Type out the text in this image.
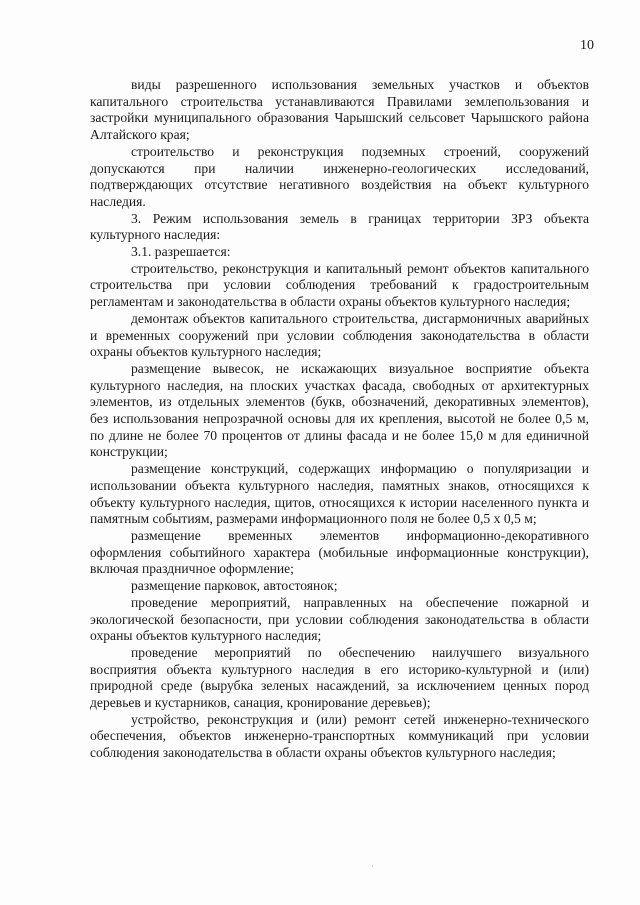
10

виды разрешенного использования земельных участков и объектов капитального строительства устанавливаются Правилами землепользования и застройки муниципального образования Чарышский сельсовет Чарышского района Алтайского края;

строительство и реконструкция подземных строений, сооружений допускаются при наличии инженерно-геологических исследований, подтверждающих отсутствие негативного воздействия на объект культурного наследия.

3. Режим использования земель в границах территории ЗРЗ объекта культурного наследия:

3.1. разрешается:

строительство, реконструкция и капитальный ремонт объектов капитального строительства при условии соблюдения требований к градостроительным регламентам и законодательства в области охраны объектов культурного наследия;

демонтаж объектов капитального строительства, дисгармоничных аварийных и временных сооружений при условии соблюдения законодательства в области охраны объектов культурного наследия;

размещение вывесок, не искажающих визуальное восприятие объекта культурного наследия, на плоских участках фасада, свободных от архитектурных элементов, из отдельных элементов (букв, обозначений, декоративных элементов), без использования непрозрачной основы для их крепления, высотой не более 0,5 м, по длине не более 70 процентов от длины фасада и не более 15,0 м для единичной конструкции;

размещение конструкций, содержащих информацию о популяризации и использовании объекта культурного наследия, памятных знаков, относящихся к объекту культурного наследия, щитов, относящихся к истории населенного пункта и памятным событиям, размерами информационного поля не более 0,5 х 0,5 м;

размещение временных элементов информационно-декоративного оформления событийного характера (мобильные информационные конструкции), включая праздничное оформление;

размещение парковок, автостоянок;

проведение мероприятий, направленных на обеспечение пожарной и экологической безопасности, при условии соблюдения законодательства в области охраны объектов культурного наследия;

проведение мероприятий по обеспечению наилучшего визуального восприятия объекта культурного наследия в его историко-культурной и (или) природной среде (вырубка зеленых насаждений, за исключением ценных пород деревьев и кустарников, санация, кронирование деревьев);

устройство, реконструкция и (или) ремонт сетей инженерно-технического обеспечения, объектов инженерно-транспортных коммуникаций при условии соблюдения законодательства в области охраны объектов культурного наследия;

·
